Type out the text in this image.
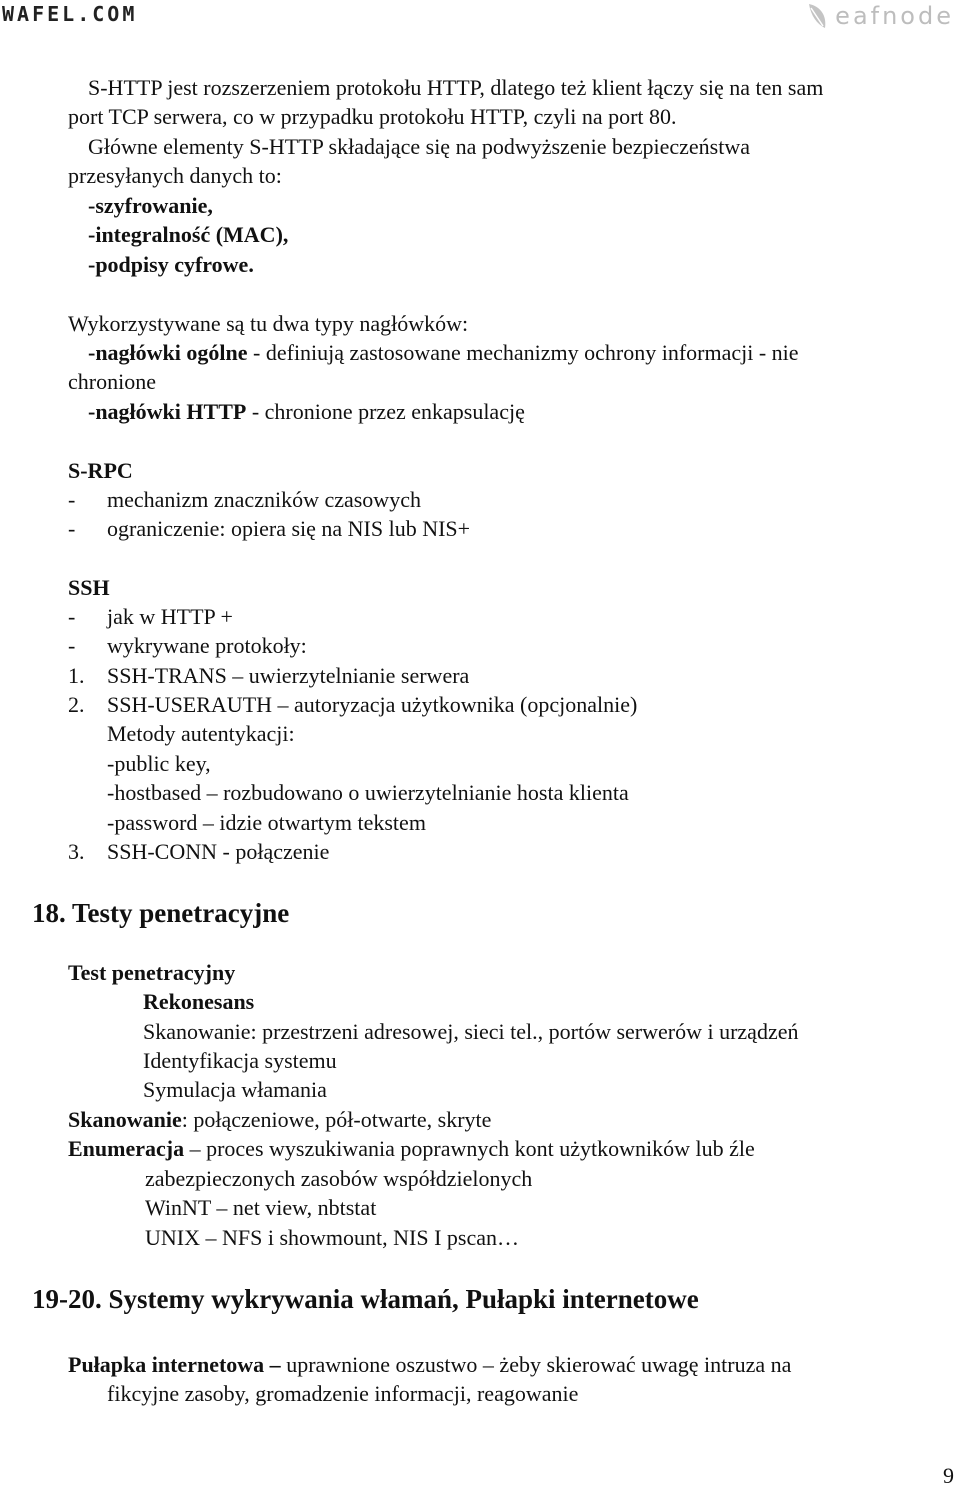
WAFEL.COM	eafnode
S-HTTP jest rozszerzeniem protokołu HTTP, dlatego też klient łączy się na ten sam
port TCP serwera, co w przypadku protokołu HTTP, czyli na port 80.
Główne elementy S-HTTP składające się na podwyższenie bezpieczeństwa
przesyłanych danych to:
-szyfrowanie,
-integralność (MAC),
-podpisy cyfrowe.
Wykorzystywane są tu dwa typy nagłówków:
-nagłówki ogólne - definiują zastosowane mechanizmy ochrony informacji - nie
chronione
-nagłówki HTTP - chronione przez enkapsulację
S-RPC
- mechanizm znaczników czasowych
- ograniczenie: opiera się na NIS lub NIS+
SSH
- jak w HTTP +
- wykrywane protokoły:
1. SSH-TRANS – uwierzytelnianie serwera
2. SSH-USERAUTH – autoryzacja użytkownika (opcjonalnie)
Metody autentykacji:
-public key,
-hostbased – rozbudowano o uwierzytelnianie hosta klienta
-password – idzie otwartym tekstem
3. SSH-CONN - połączenie
18. Testy penetracyjne
Test penetracyjny
Rekonesans
Skanowanie: przestrzeni adresowej, sieci tel., portów serwerów i urządzeń
Identyfikacja systemu
Symulacja włamania
Skanowanie: połączeniowe, pół-otwarte, skryte
Enumeracja – proces wyszukiwania poprawnych kont użytkowników lub źle
zabezpieczonych zasobów współdzielonych
WinNT – net view, nbtstat
UNIX – NFS i showmount, NIS I pscan…
19-20. Systemy wykrywania włamań, Pułapki internetowe
Pułapka internetowa – uprawnione oszustwo – żeby skierować uwagę intruza na
fikcyjne zasoby, gromadzenie informacji, reagowanie
9
